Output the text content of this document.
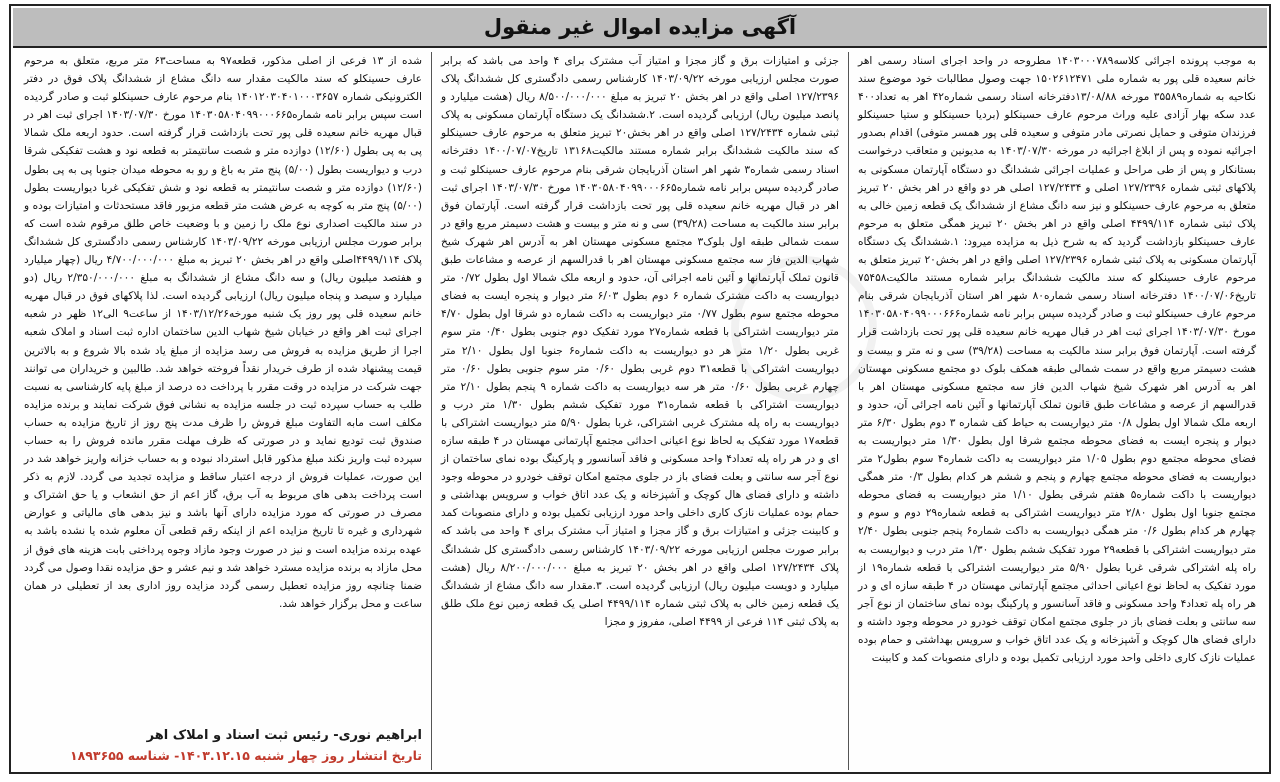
آگهی مزایده اموال غیر منقول

به موجب پرونده اجرائی کلاسه۱۴۰۳۰۰۰۷۸۹ مطروحه در واحد اجرای اسناد رسمی اهر خانم سعیده قلی پور به شماره ملی ۱۵۰۲۶۱۲۴۷۱ جهت وصول مطالبات خود موضوع سند نکاحیه به شماره۳۵۵۸۹ مورخه ۱۳/۰۸/۸۸دفترخانه اسناد رسمی شماره۴۲ اهر به تعداد۴۰۰ عدد سکه بهار آزادی علیه وراث مرحوم عارف حسینکلو (بردیا حسینکلو و ستیا حسینکلو فرزندان متوفی و حمایل نصرتی مادر متوفی و سعیده قلی پور همسر متوفی) اقدام بصدور اجرائیه نموده و پس از ابلاغ اجرائیه در مورخه ۱۴۰۳/۰۷/۳۰ به مدیونین و متعاقب درخواست بستانکار و پس از طی مراحل و عملیات اجرائی ششدانگ دو دستگاه آپارتمان مسکونی به پلاکهای ثبتی شماره ۱۲۷/۲۳۹۶ اصلی و ۱۲۷/۲۴۳۴ اصلی هر دو واقع در اهر بخش ۲۰ تبریز متعلق به مرحوم عارف حسینکلو و نیز سه دانگ مشاع از ششدانگ یک قطعه زمین خالی به پلاک ثبتی شماره ۴۴۹۹/۱۱۴ اصلی واقع در اهر بخش ۲۰ تبریز همگی متعلق به مرحوم عارف حسینکلو بازداشت گردید که به شرح ذیل به مزایده میرود: ۱.ششدانگ یک دستگاه آپارتمان مسکونی به پلاک ثبتی شماره ۱۲۷/۲۳۹۶ اصلی واقع در اهر بخش۲۰ تبریز متعلق به مرحوم عارف حسینکلو که سند مالکیت ششدانگ برابر شماره مستند مالکیت۷۵۴۵۸ تاریخ۱۴۰۰/۰۷/۰۶ دفترخانه اسناد رسمی شماره۸۰ شهر اهر استان آذربایجان شرقی بنام مرحوم عارف حسینکلو ثبت و صادر گردیده سپس برابر نامه شماره۱۴۰۳۰۵۸۰۴۰۹۹۰۰۰۶۶۶ مورخ ۱۴۰۳/۰۷/۳۰ اجرای ثبت اهر در قبال مهریه خانم سعیده قلی پور تحت بازداشت قرار گرفته است. آپارتمان فوق برابر سند مالکیت به مساحت (۳۹/۲۸) سی و نه متر و بیست و هشت دسیمتر مربع واقع در سمت شمالی طبقه همکف بلوک دو مجتمع مسکونی مهستان اهر به آدرس اهر شهرک شیخ شهاب الدین فاز سه مجتمع مسکونی مهستان اهر با قدرالسهم از عرصه و مشاعات طبق قانون تملک آپارتمانها و آئین نامه اجرائی آن، حدود و اربعه ملک شمالا اول بطول ۰/۸ متر دیواریست به حیاط کف شماره ۳ دوم بطول ۶/۳۰ متر دیوار و پنجره ایست به فضای محوطه مجتمع شرقا اول بطول ۱/۳۰ متر دیواریست به فضای محوطه مجتمع دوم بطول ۱/۰۵ متر دیواریست به داکت شماره۴ سوم بطول۲ متر دیواریست به فضای محوطه مجتمع چهارم و پنجم و ششم هر کدام بطول ۰/۳ متر همگی دیواریست با داکت شماره۵ هفتم شرقی بطول ۱/۱۰ متر دیواریست به فضای محوطه مجتمع جنوبا اول بطول ۲/۸۰ متر دیواریست اشتراکی به قطعه شماره۲۹ دوم و سوم و چهارم هر کدام بطول ۰/۶ متر همگی دیواریست به داکت شماره۶ پنجم جنوبی بطول ۲/۴۰ متر دیواریست اشتراکی با قطعه۲۹ مورد تفکیک ششم بطول ۱/۳۰ متر درب و دیواریست به راه پله اشتراکی شرقی غربا بطول ۵/۹۰ متر دیواریست اشتراکی با قطعه شماره۱۹ از مورد تفکیک به لحاظ نوع اعیانی احداثی مجتمع آپارتمانی مهستان در ۴ طبقه سازه ای و در هر راه پله تعداد۴ واحد مسکونی و فاقد آسانسور و پارکینگ بوده نمای ساختمان از نوع آجر سه سانتی و بعلت فضای باز در جلوی مجتمع امکان توقف خودرو در محوطه وجود داشته و دارای فضای هال کوچک و آشپزخانه و یک عدد اتاق خواب و سرویس بهداشتی و حمام بوده عملیات نازک کاری داخلی واحد مورد ارزیابی تکمیل بوده و دارای منصوبات کمد و کابینت

جزئی و امتیازات برق و گاز مجزا و امتیاز آب مشترک برای ۴ واحد می باشد که برابر صورت مجلس ارزیابی مورخه ۱۴۰۳/۰۹/۲۲ کارشناس رسمی دادگستری کل ششدانگ پلاک ۱۲۷/۲۳۹۶ اصلی واقع در اهر بخش ۲۰ تبریز به مبلغ ۸/۵۰۰/۰۰۰/۰۰۰ ریال (هشت میلیارد و پانصد میلیون ریال) ارزیابی گردیده است. ۲.ششدانگ یک دستگاه آپارتمان مسکونی به پلاک ثبتی شماره ۱۲۷/۲۴۳۴ اصلی واقع در اهر بخش۲۰ تبریز متعلق به مرحوم عارف حسینکلو که سند مالکیت ششدانگ برابر شماره مستند مالکیت۱۳۱۶۸ تاریخ۱۴۰۰/۰۷/۰۷ دفترخانه اسناد رسمی شماره۳ شهر اهر استان آذربایجان شرقی بنام مرحوم عارف حسینکلو ثبت و صادر گردیده سپس برابر نامه شماره۱۴۰۳۰۵۸۰۴۰۹۹۰۰۰۶۶۵ مورخ ۱۴۰۳/۰۷/۳۰ اجرای ثبت اهر در قبال مهریه خانم سعیده قلی پور تحت بازداشت قرار گرفته است. آپارتمان فوق برابر سند مالکیت به مساحت (۳۹/۲۸) سی و نه متر و بیست و هشت دسیمتر مربع واقع در سمت شمالی طبقه اول بلوک۳ مجتمع مسکونی مهستان اهر به آدرس اهر شهرک شیخ شهاب الدین فاز سه مجتمع مسکونی مهستان اهر با قدرالسهم از عرصه و مشاعات طبق قانون تملک آپارتمانها و آئین نامه اجرائی آن، حدود و اربعه ملک شمالا اول بطول ۰/۷۲ متر دیواریست به داکت مشترک شماره ۶ دوم بطول ۶/۰۳ متر دیوار و پنجره ایست به فضای محوطه مجتمع سوم بطول ۰/۷۷ متر دیواریست به داکت شماره دو شرقا اول بطول ۴/۷۰ متر دیواریست اشتراکی با قطعه شماره۲۷ مورد تفکیک دوم جنوبی بطول ۰/۴۰ متر سوم غربی بطول ۱/۲۰ متر هر دو دیواریست به داکت شماره۶ جنوبا اول بطول ۲/۱۰ متر دیواریست اشتراکی با قطعه۳۱ دوم غربی بطول ۰/۶۰ متر سوم جنوبی بطول ۰/۶۰ متر چهارم غربی بطول ۰/۶۰ متر هر سه دیواریست به داکت شماره ۹ پنجم بطول ۲/۱۰ متر دیواریست اشتراکی با قطعه شماره۳۱ مورد تفکیک ششم بطول ۱/۳۰ متر درب و دیواریست به راه پله مشترک غربی اشتراکی، غربا بطول ۵/۹۰ متر دیواریست اشتراکی با قطعه۱۷ مورد تفکیک به لحاظ نوع اعیانی احداثی مجتمع آپارتمانی مهستان در ۴ طبقه سازه ای و در هر راه پله تعداد۴ واحد مسکونی و فاقد آسانسور و پارکینگ بوده نمای ساختمان از نوع آجر سه سانتی و بعلت فضای باز در جلوی مجتمع امکان توقف خودرو در محوطه وجود داشته و دارای فضای هال کوچک و آشپزخانه و یک عدد اتاق خواب و سرویس بهداشتی و حمام بوده عملیات نازک کاری داخلی واحد مورد ارزیابی تکمیل بوده و دارای منصوبات کمد و کابینت جزئی و امتیازات برق و گاز مجزا و امتیاز آب مشترک برای ۴ واحد می باشد که برابر صورت مجلس ارزیابی مورخه ۱۴۰۳/۰۹/۲۲ کارشناس رسمی دادگستری کل ششدانگ پلاک ۱۲۷/۲۴۳۴ اصلی واقع در اهر بخش ۲۰ تبریز به مبلغ ۸/۲۰۰/۰۰۰/۰۰۰ ریال (هشت میلیارد و دویست میلیون ریال) ارزیابی گردیده است. ۳.مقدار سه دانگ مشاع از ششدانگ یک قطعه زمین خالی به پلاک ثبتی شماره ۴۴۹۹/۱۱۴ اصلی یک قطعه زمین نوع ملک طلق به پلاک ثبتی ۱۱۴ فرعی از ۴۴۹۹ اصلی، مفروز و مجزا

شده از ۱۳ فرعی از اصلی مذکور، قطعه۹۷ به مساحت۶۳ متر مربع، متعلق به مرحوم عارف حسینکلو که سند مالکیت مقدار سه دانگ مشاع از ششدانگ پلاک فوق در دفتر الکترونیکی شماره ۱۴۰۱۲۰۳۰۴۰۱۰۰۰۳۶۵۷ بنام مرحوم عارف حسینکلو ثبت و صادر گردیده است سپس برابر نامه شماره۱۴۰۳۰۵۸۰۴۰۹۹۰۰۰۶۶۵ مورخ ۱۴۰۳/۰۷/۳۰ اجرای ثبت اهر در قبال مهریه خانم سعیده قلی پور تحت بازداشت قرار گرفته است. حدود اربعه ملک شمالا پی به پی بطول (۱۲/۶۰) دوازده متر و شصت سانتیمتر به قطعه نود و هشت تفکیکی شرقا درب و دیواریست بطول (۵/۰۰) پنج متر به باغ و رو به محوطه میدان جنوبا پی به پی بطول (۱۲/۶۰) دوازده متر و شصت سانتیمتر به قطعه نود و شش تفکیکی غربا دیواریست بطول (۵/۰۰) پنج متر به کوچه به عرض هشت متر قطعه مزبور فاقد مستحدثات و امتیازات بوده و در سند مالکیت اصداری نوع ملک را زمین و با وضعیت خاص طلق مرقوم شده است که برابر صورت مجلس ارزیابی مورخه ۱۴۰۳/۰۹/۲۲ کارشناس رسمی دادگستری کل ششدانگ پلاک ۴۴۹۹/۱۱۴اصلی واقع در اهر بخش ۲۰ تبریز به مبلغ ۴/۷۰۰/۰۰۰/۰۰۰ ریال (چهار میلیارد و هفتصد میلیون ریال) و سه دانگ مشاع از ششدانگ به مبلغ ۲/۳۵۰/۰۰۰/۰۰۰ ریال (دو میلیارد و سیصد و پنجاه میلیون ریال) ارزیابی گردیده است. لذا پلاکهای فوق در قبال مهریه خانم سعیده قلی پور روز یک شنبه مورخه۱۴۰۳/۱۲/۲۶ از ساعت۹ الی۱۲ ظهر در شعبه اجرای ثبت اهر واقع در خیابان شیخ شهاب الدین ساختمان اداره ثبت اسناد و املاک شعبه اجرا از طریق مزایده به فروش می رسد مزایده از مبلغ یاد شده بالا شروع و به بالاترین قیمت پیشنهاد شده از طرف خریدار نقداً فروخته خواهد شد. طالبین و خریداران می توانند جهت شرکت در مزایده در وقت مقرر با پرداخت ده درصد از مبلغ پایه کارشناسی به نسبت طلب به حساب سپرده ثبت در جلسه مزایده به نشانی فوق شرکت نمایند و برنده مزایده مکلف است مابه التفاوت مبلغ فروش را ظرف مدت پنج روز از تاریخ مزایده به حساب صندوق ثبت تودیع نماید و در صورتی که ظرف مهلت مقرر مانده فروش را به حساب سپرده ثبت واریز نکند مبلغ مذکور قابل استرداد نبوده و به حساب خزانه واریز خواهد شد در این صورت، عملیات فروش از درجه اعتبار ساقط و مزایده تجدید می گردد. لازم به ذکر است پرداخت بدهی های مربوط به آب برق، گاز اعم از حق انشعاب و یا حق اشتراک و مصرف در صورتی که مورد مزایده دارای آنها باشد و نیز بدهی های مالیاتی و عوارض شهرداری و غیره تا تاریخ مزایده اعم از اینکه رقم قطعی آن معلوم شده یا نشده باشد به عهده برنده مزایده است و نیز در صورت وجود مازاد وجوه پرداختی بابت هزینه های فوق از محل مازاد به برنده مزایده مسترد خواهد شد و نیم عشر و حق مزایده نقدا وصول می گردد ضمنا چنانچه روز مزایده تعطیل رسمی گردد مزایده روز اداری بعد از تعطیلی در همان ساعت و محل برگزار خواهد شد.

ابراهیم نوری- رئیس ثبت اسناد و املاک اهر
تاریخ انتشار روز چهار شنبه ۱۴۰۳.۱۲.۱۵- شناسه ۱۸۹۳۶۵۵
